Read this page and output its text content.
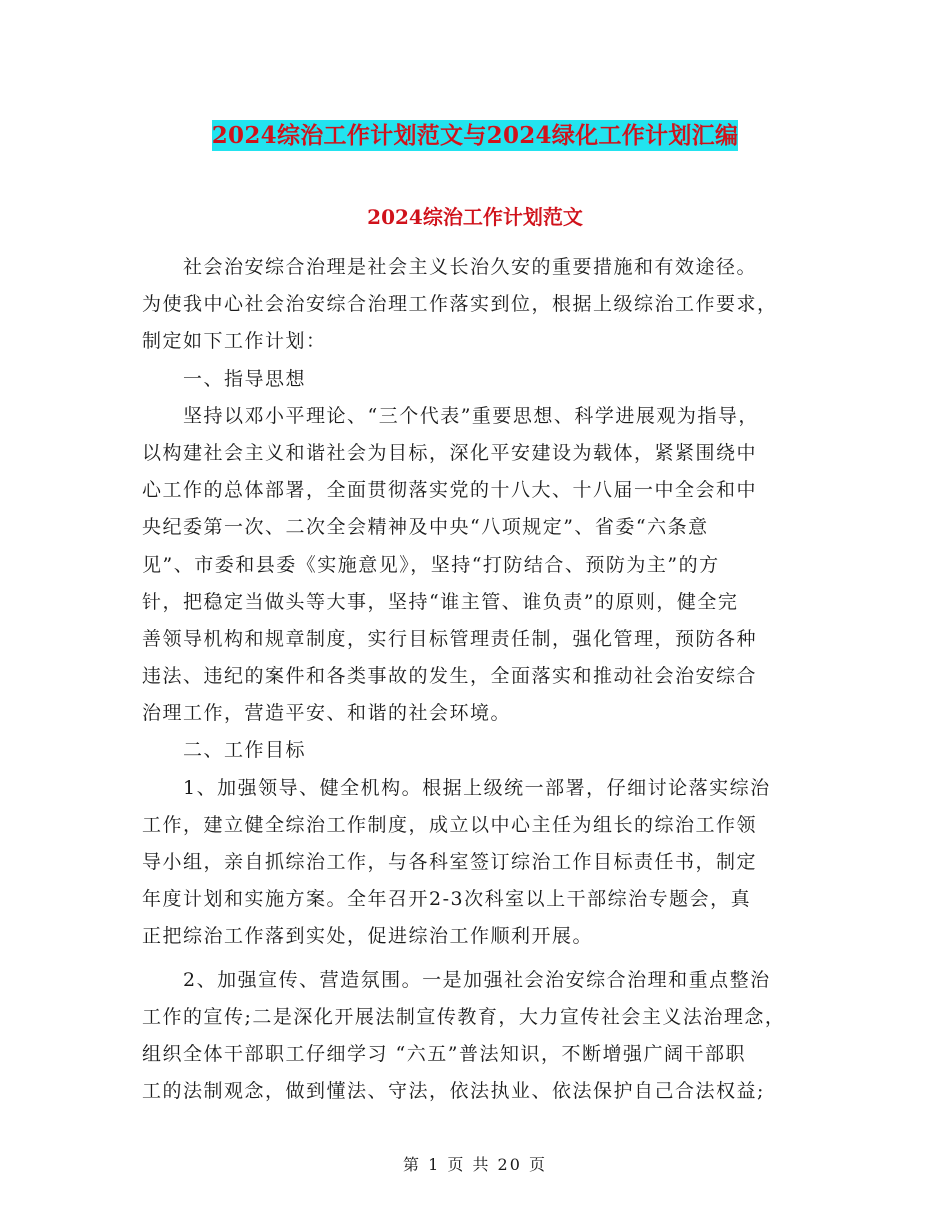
2024综治工作计划范文与2024绿化工作计划汇编
2024综治工作计划范文
　　社会治安综合治理是社会主义长治久安的重要措施和有效途径。
为使我中心社会治安综合治理工作落实到位，根据上级综治工作要求，
制定如下工作计划：
　　一、指导思想
　　坚持以邓小平理论、“三个代表”重要思想、科学进展观为指导，
以构建社会主义和谐社会为目标，深化平安建设为载体，紧紧围绕中
心工作的总体部署，全面贯彻落实党的十八大、十八届一中全会和中
央纪委第一次、二次全会精神及中央“八项规定”、省委“六条意
见”、市委和县委《实施意见》，坚持“打防结合、预防为主”的方
针，把稳定当做头等大事，坚持“谁主管、谁负责”的原则，健全完
善领导机构和规章制度，实行目标管理责任制，强化管理，预防各种
违法、违纪的案件和各类事故的发生，全面落实和推动社会治安综合
治理工作，营造平安、和谐的社会环境。
　　二、工作目标
　　1、加强领导、健全机构。根据上级统一部署，仔细讨论落实综治
工作，建立健全综治工作制度，成立以中心主任为组长的综治工作领
导小组，亲自抓综治工作，与各科室签订综治工作目标责任书，制定
年度计划和实施方案。全年召开2-3次科室以上干部综治专题会，真
正把综治工作落到实处，促进综治工作顺利开展。
　　2、加强宣传、营造氛围。一是加强社会治安综合治理和重点整治
工作的宣传;二是深化开展法制宣传教育，大力宣传社会主义法治理念，
组织全体干部职工仔细学习 “六五”普法知识，不断增强广阔干部职
工的法制观念，做到懂法、守法，依法执业、依法保护自己合法权益;
第 1 页 共 20 页
